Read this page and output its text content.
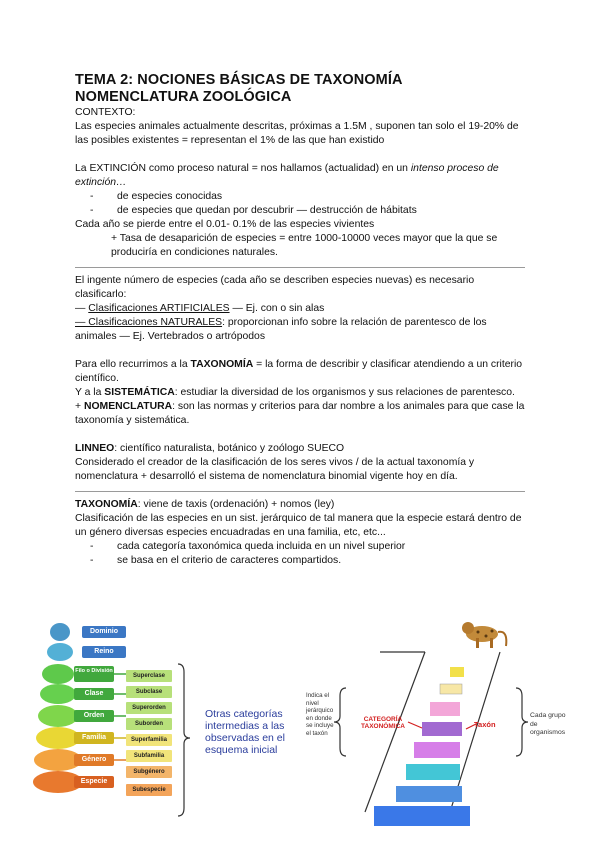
TEMA 2: NOCIONES BÁSICAS DE TAXONOMÍA NOMENCLATURA ZOOLÓGICA

CONTEXTO:

Las especies animales actualmente descritas, próximas a 1.5M , suponen tan solo el 19-20% de las posibles existentes = representan el 1% de las que han existido

La EXTINCIÓN como proceso natural = nos hallamos (actualidad) en un intenso proceso de extinción…

-	de especies conocidas
-	de especies que quedan por descubrir — destrucción de hábitats

Cada año se pierde entre el 0.01- 0.1% de las especies vivientes

+ Tasa de desaparición de especies = entre 1000-10000 veces mayor que la que se produciría en condiciones naturales.

El ingente número de especies (cada año se describen especies nuevas) es necesario clasificarlo:

— Clasificaciones ARTIFICIALES — Ej. con o sin alas

— Clasificaciones NATURALES: proporcionan info sobre la relación de parentesco de los animales — Ej. Vertebrados o artrópodos

Para ello recurrimos a la TAXONOMÍA = la forma de describir y clasificar atendiendo a un criterio científico.

Y a la SISTEMÁTICA: estudiar la diversidad de los organismos y sus relaciones de parentesco.

+ NOMENCLATURA: son las normas y criterios para dar nombre a los animales para que case la taxonomía y sistemática.

LINNEO: científico naturalista, botánico y zoólogo SUECO

Considerado el creador de la clasificación de los seres vivos / de la actual taxonomía y nomenclatura + desarrolló el sistema de nomenclatura binomial vigente hoy en día.

TAXONOMÍA: viene de taxis (ordenación) + nomos (ley)

Clasificación de las especies en un sist. jerárquico de tal manera que la especie estará dentro de un género diversas especies encuadradas en una familia, etc, etc...

-	cada categoría taxonómica queda incluida en un nivel superior
-	se basa en el criterio de caracteres compartidos.
Dominio
Reino
Filo o División
Clase
Orden
Familia
Género
Especie
Superclase
Subclase
Superorden
Suborden
Superfamilia
Subfamilia
Subgénero
Subespecie
Otras categorías intermedias a las observadas en el esquema inicial
Indica el nivel jerárquico en donde se incluye el taxón
CATEGORÍA TAXONÓMICA	Taxón
Cada grupo de organismos
